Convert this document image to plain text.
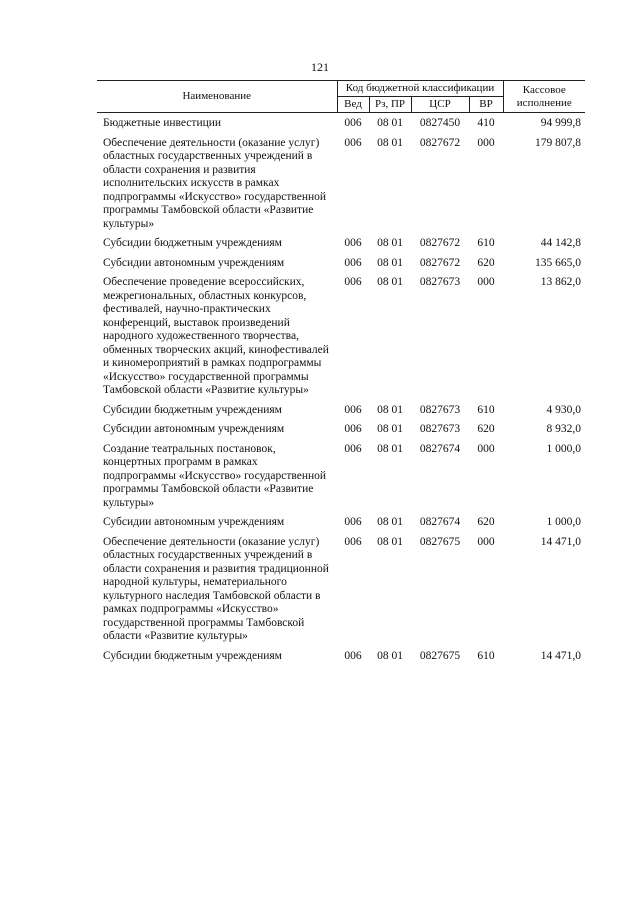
121
Наименование	Код бюджетной классификации				Кассовое исполнение
	Вед	Рз, ПР	ЦСР	ВР	
Бюджетные инвестиции	006	08 01	0827450	410	94 999,8
Обеспечение деятельности (оказание услуг) областных государственных учреждений в области сохранения и развития исполнительских искусств в рамках подпрограммы «Искусство» государственной программы Тамбовской области «Развитие культуры»	006	08 01	0827672	000	179 807,8
Субсидии бюджетным учреждениям	006	08 01	0827672	610	44 142,8
Субсидии автономным учреждениям	006	08 01	0827672	620	135 665,0
Обеспечение проведение всероссийских, межрегиональных, областных конкурсов, фестивалей, научно-практических конференций, выставок произведений народного художественного творчества, обменных творческих акций, кинофестивалей и киномероприятий в рамках подпрограммы «Искусство» государственной программы Тамбовской области «Развитие культуры»	006	08 01	0827673	000	13 862,0
Субсидии бюджетным учреждениям	006	08 01	0827673	610	4 930,0
Субсидии автономным учреждениям	006	08 01	0827673	620	8 932,0
Создание театральных постановок, концертных программ в рамках подпрограммы «Искусство» государственной программы Тамбовской области «Развитие культуры»	006	08 01	0827674	000	1 000,0
Субсидии автономным учреждениям	006	08 01	0827674	620	1 000,0
Обеспечение деятельности (оказание услуг) областных государственных учреждений в области сохранения и развития традиционной народной культуры, нематериального культурного наследия Тамбовской области в рамках подпрограммы «Искусство» государственной программы Тамбовской области «Развитие культуры»	006	08 01	0827675	000	14 471,0
Субсидии бюджетным учреждениям	006	08 01	0827675	610	14 471,0
